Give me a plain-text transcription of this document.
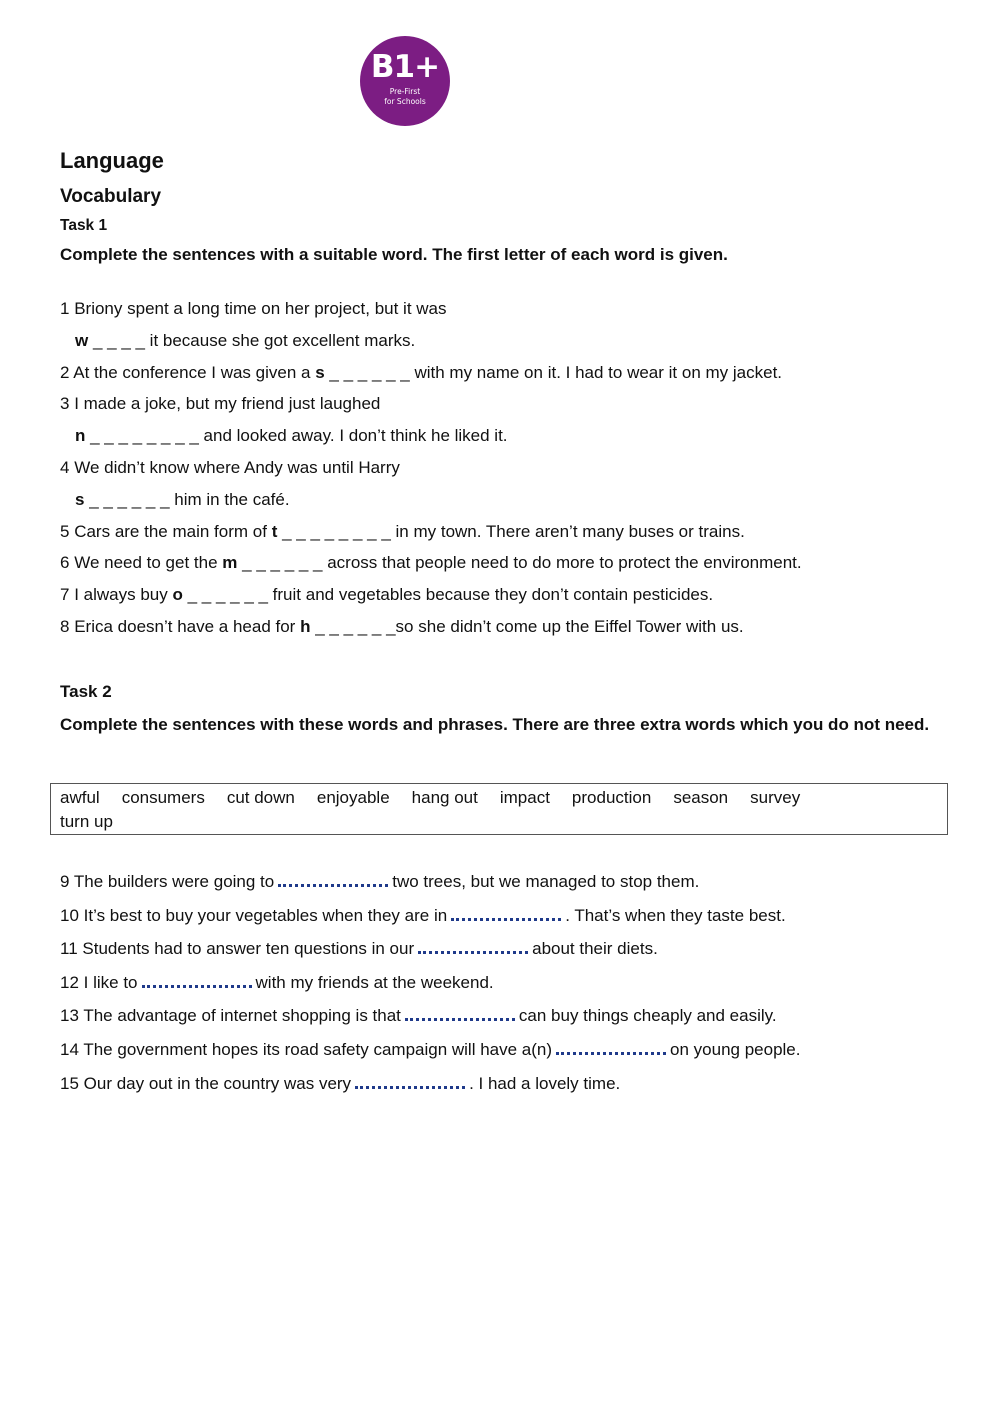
B1+
Pre-First
for Schools
Language
Vocabulary
Task 1
Complete the sentences with a suitable word. The first letter of each word is given.
1 Briony spent a long time on her project, but it was
w _ _ _ _ it because she got excellent marks.
2 At the conference I was given a s _ _ _ _ _ _ with my name on it. I had to wear it on my jacket.
3 I made a joke, but my friend just laughed
n _ _ _ _ _ _ _ _ and looked away. I don’t think he liked it.
4 We didn’t know where Andy was until Harry
s _ _ _ _ _ _ him in the café.
5 Cars are the main form of t _ _ _ _ _ _ _ _ in my town. There aren’t many buses or trains.
6 We need to get the m _ _ _ _ _ _ across that people need to do more to protect the environment.
7 I always buy o _ _ _ _ _ _ fruit and vegetables because they don’t contain pesticides.
8 Erica doesn’t have a head for h _ _ _ _ _ _so she didn’t come up the Eiffel Tower with us.
Task 2
Complete the sentences with these words and phrases. There are three extra words which you do not need.
awful consumers cut down enjoyable hang out impact production season survey
turn up
9 The builders were going to	two trees, but we managed to stop them.
10 It’s best to buy your vegetables when they are in	. That’s when they taste best.
11 Students had to answer ten questions in our	about their diets.
12 I like to	with my friends at the weekend.
13 The advantage of internet shopping is that	can buy things cheaply and easily.
14 The government hopes its road safety campaign will have a(n)	on young people.
15 Our day out in the country was very	. I had a lovely time.
